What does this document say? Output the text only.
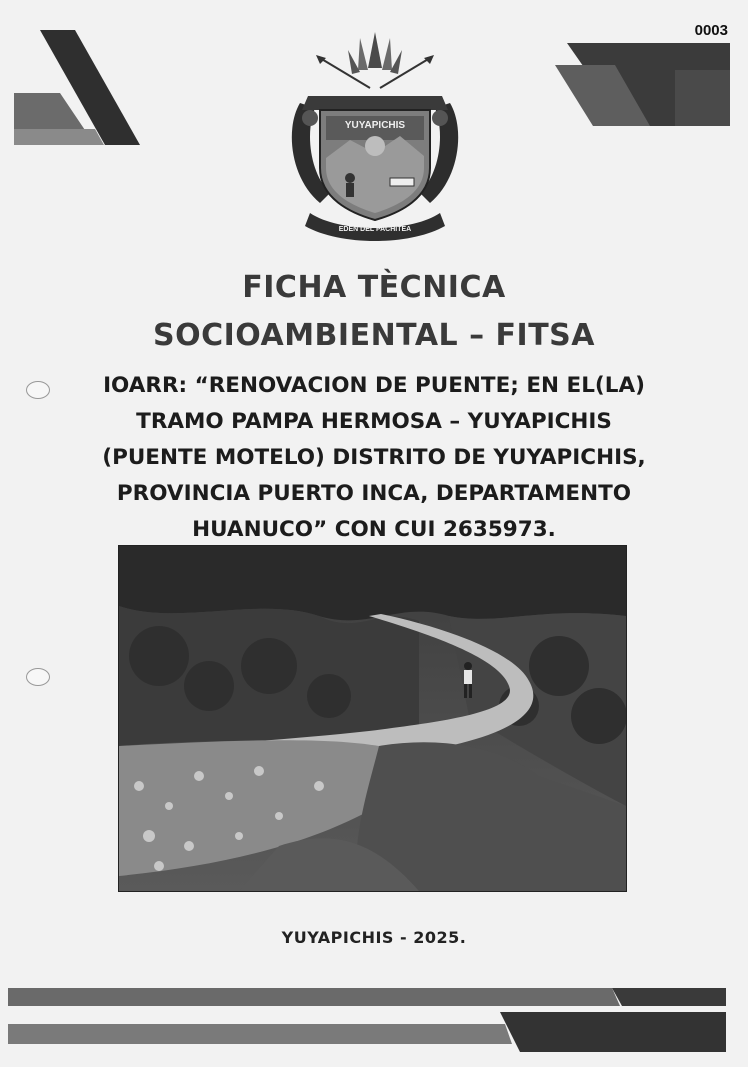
0003
YUYAPICHIS
EDEN DEL PACHITEA
FICHA TÈCNICA
SOCIOAMBIENTAL – FITSA
IOARR: “RENOVACION DE PUENTE; EN EL(LA)
TRAMO PAMPA HERMOSA – YUYAPICHIS
(PUENTE MOTELO) DISTRITO DE YUYAPICHIS,
PROVINCIA PUERTO INCA, DEPARTAMENTO
HUANUCO” CON CUI 2635973.
YUYAPICHIS - 2025.
